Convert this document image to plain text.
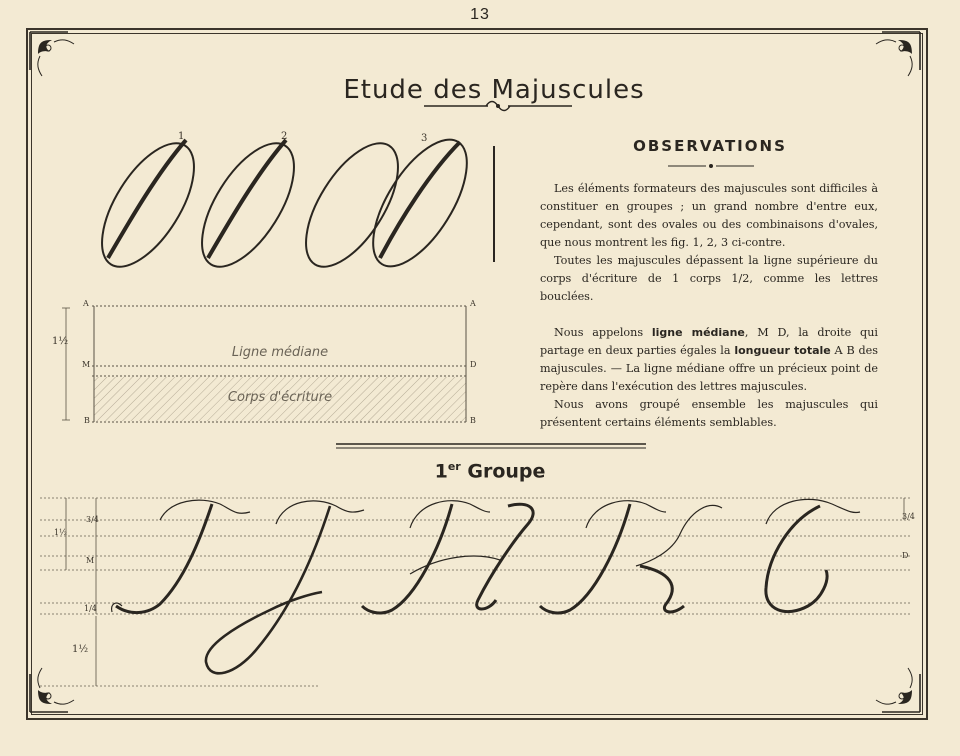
13
Etude des Majuscules
1	2	3
A	A
M	D
B	B
1½
Ligne médiane
Corps d'écriture
OBSERVATIONS

Les éléments formateurs des majuscules sont difficiles à constituer en groupes ; un grand nombre d'entre eux, cependant, sont des ovales ou des combinaisons d'ovales, que nous montrent les fig. 1, 2, 3 ci-contre.

Toutes les majuscules dépassent la ligne supérieure du corps d'écriture de 1 corps 1/2, comme les lettres bouclées.

Nous appelons ligne médiane, M D, la droite qui partage en deux parties égales la longueur totale A B des majuscules. — La ligne médiane offre un précieux point de repère dans l'exécution des lettres majuscules.

Nous avons groupé ensemble les majuscules qui présentent certains éléments semblables.

1er Groupe
3/4	3/4
1½
M
D
1/4
1½
